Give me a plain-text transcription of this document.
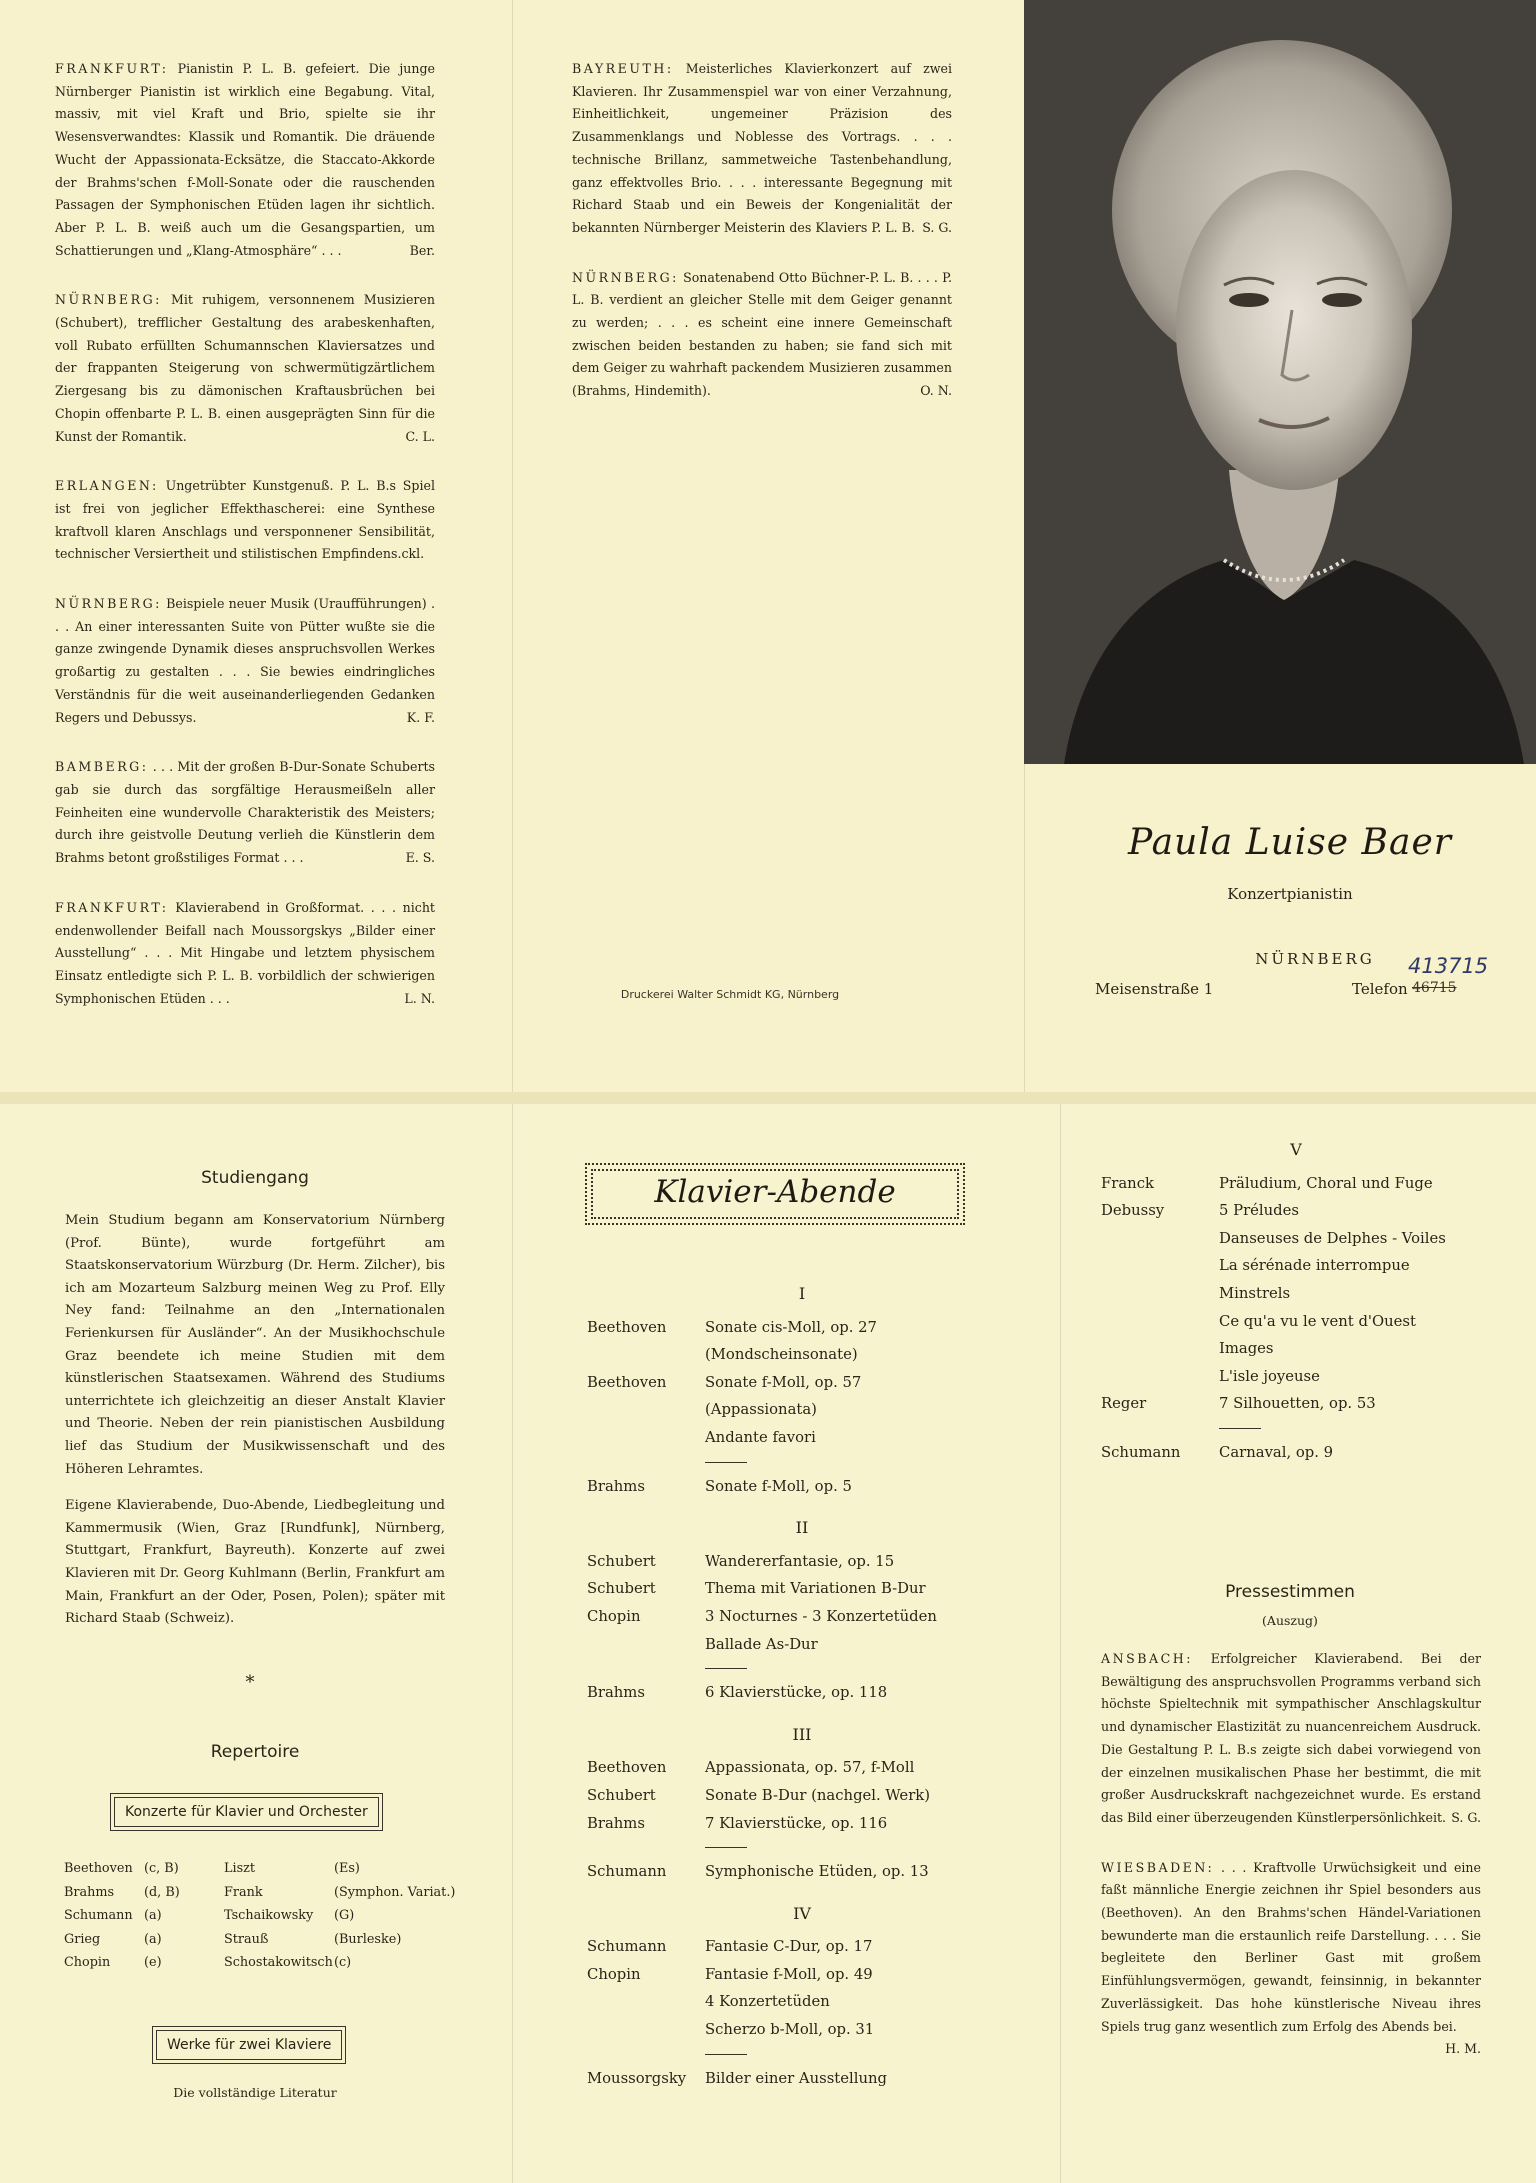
FRANKFURT: Pianistin P. L. B. gefeiert. Die junge Nürnberger Pianistin ist wirklich eine Begabung. Vital, massiv, mit viel Kraft und Brio, spielte sie ihr Wesensverwandtes: Klassik und Romantik. Die dräuende Wucht der Appassionata-Ecksätze, die Staccato-Akkorde der Brahms'schen f-Moll-Sonate oder die rauschenden Passagen der Symphonischen Etüden lagen ihr sichtlich. Aber P. L. B. weiß auch um die Gesangspartien, um Schattierungen und „Klang-Atmosphäre“ . . .	Ber.

NÜRNBERG: Mit ruhigem, versonnenem Musizieren (Schubert), trefflicher Gestaltung des arabeskenhaften, voll Rubato erfüllten Schumannschen Klaviersatzes und der frappanten Steigerung von schwermütigzärtlichem Ziergesang bis zu dämonischen Kraftausbrüchen bei Chopin offenbarte P. L. B. einen ausgeprägten Sinn für die Kunst der Romantik.	C. L.

ERLANGEN: Ungetrübter Kunstgenuß. P. L. B.s Spiel ist frei von jeglicher Effekthascherei: eine Synthese kraftvoll klaren Anschlags und versponnener Sensibilität, technischer Versiertheit und stilistischen Empfindens.ckl.

NÜRNBERG: Beispiele neuer Musik (Uraufführungen) . . . An einer interessanten Suite von Pütter wußte sie die ganze zwingende Dynamik dieses anspruchsvollen Werkes großartig zu gestalten . . . Sie bewies eindringliches Verständnis für die weit auseinanderliegenden Gedanken Regers und Debussys.	K. F.

BAMBERG: . . . Mit der großen B-Dur-Sonate Schuberts gab sie durch das sorgfältige Herausmeißeln aller Feinheiten eine wundervolle Charakteristik des Meisters; durch ihre geistvolle Deutung verlieh die Künstlerin dem Brahms betont großstiliges Format . . .	E. S.

FRANKFURT: Klavierabend in Großformat. . . . nicht endenwollender Beifall nach Moussorgskys „Bilder einer Ausstellung“ . . . Mit Hingabe und letztem physischem Einsatz entledigte sich P. L. B. vorbildlich der schwierigen Symphonischen Etüden . . .	L. N.

BAYREUTH: Meisterliches Klavierkonzert auf zwei Klavieren. Ihr Zusammenspiel war von einer Verzahnung, Einheitlichkeit, ungemeiner Präzision des Zusammenklangs und Noblesse des Vortrags. . . . technische Brillanz, sammetweiche Tastenbehandlung, ganz effektvolles Brio. . . . interessante Begegnung mit Richard Staab und ein Beweis der Kongenialität der bekannten Nürnberger Meisterin des Klaviers P. L. B. S. G.

NÜRNBERG: Sonatenabend Otto Büchner-P. L. B. . . . P. L. B. verdient an gleicher Stelle mit dem Geiger genannt zu werden; . . . es scheint eine innere Gemeinschaft zwischen beiden bestanden zu haben; sie fand sich mit dem Geiger zu wahrhaft packendem Musizieren zusammen (Brahms, Hindemith).	O. N.

Druckerei Walter Schmidt KG, Nürnberg
Paula Luise Baer
Konzertpianistin
NÜRNBERG
Meisenstraße 1	Telefon 46715
413715
Studiengang

Mein Studium begann am Konservatorium Nürnberg (Prof. Bünte), wurde fortgeführt am Staatskonservatorium Würzburg (Dr. Herm. Zilcher), bis ich am Mozarteum Salzburg meinen Weg zu Prof. Elly Ney fand: Teilnahme an den „Internationalen Ferienkursen für Ausländer“. An der Musikhochschule Graz beendete ich meine Studien mit dem künstlerischen Staatsexamen. Während des Studiums unterrichtete ich gleichzeitig an dieser Anstalt Klavier und Theorie. Neben der rein pianistischen Ausbildung lief das Studium der Musikwissenschaft und des Höheren Lehramtes.

Eigene Klavierabende, Duo-Abende, Liedbegleitung und Kammermusik (Wien, Graz [Rundfunk], Nürnberg, Stuttgart, Frankfurt, Bayreuth). Konzerte auf zwei Klavieren mit Dr. Georg Kuhlmann (Berlin, Frankfurt am Main, Frankfurt an der Oder, Posen, Polen); später mit Richard Staab (Schweiz).

*
Repertoire
Konzerte für Klavier und Orchester
Beethoven	(c, B)	Liszt	(Es)
Brahms	(d, B)	Frank	(Symphon. Variat.)
Schumann	(a)	Tschaikowsky	(G)
Grieg	(a)	Strauß	(Burleske)
Chopin	(e)	Schostakowitsch	(c)
Werke für zwei Klaviere
Die vollständige Literatur
Klavier-Abende
I
Beethoven	Sonate cis-Moll, op. 27
(Mondscheinsonate)
Beethoven	Sonate f-Moll, op. 57
(Appassionata)
Andante favori
Brahms	Sonate f-Moll, op. 5
II
Schubert	Wandererfantasie, op. 15
Schubert	Thema mit Variationen B-Dur
Chopin	3 Nocturnes - 3 Konzertetüden
Ballade As-Dur
Brahms	6 Klavierstücke, op. 118
III
Beethoven	Appassionata, op. 57, f-Moll
Schubert	Sonate B-Dur (nachgel. Werk)
Brahms	7 Klavierstücke, op. 116
Schumann	Symphonische Etüden, op. 13
IV
Schumann	Fantasie C-Dur, op. 17
Chopin	Fantasie f-Moll, op. 49
4 Konzertetüden
Scherzo b-Moll, op. 31
Moussorgsky	Bilder einer Ausstellung
V
Franck	Präludium, Choral und Fuge
Debussy	5 Préludes
Danseuses de Delphes - Voiles
La sérénade interrompue
Minstrels
Ce qu'a vu le vent d'Ouest
Images
L'isle joyeuse
Reger	7 Silhouetten, op. 53
Schumann	Carnaval, op. 9
Pressestimmen
(Auszug)

ANSBACH: Erfolgreicher Klavierabend. Bei der Bewältigung des anspruchsvollen Programms verband sich höchste Spieltechnik mit sympathischer Anschlagskultur und dynamischer Elastizität zu nuancenreichem Ausdruck. Die Gestaltung P. L. B.s zeigte sich dabei vorwiegend von der einzelnen musikalischen Phase her bestimmt, die mit großer Ausdruckskraft nachgezeichnet wurde. Es erstand das Bild einer überzeugenden Künstlerpersönlichkeit. S. G.

WIESBADEN: . . . Kraftvolle Urwüchsigkeit und eine faßt männliche Energie zeichnen ihr Spiel besonders aus (Beethoven). An den Brahms'schen Händel-Variationen bewunderte man die erstaunlich reife Darstellung. . . . Sie begleitete den Berliner Gast mit großem Einfühlungsvermögen, gewandt, feinsinnig, in bekannter Zuverlässigkeit. Das hohe künstlerische Niveau ihres Spiels trug ganz wesentlich zum Erfolg des Abends bei.
H. M.
